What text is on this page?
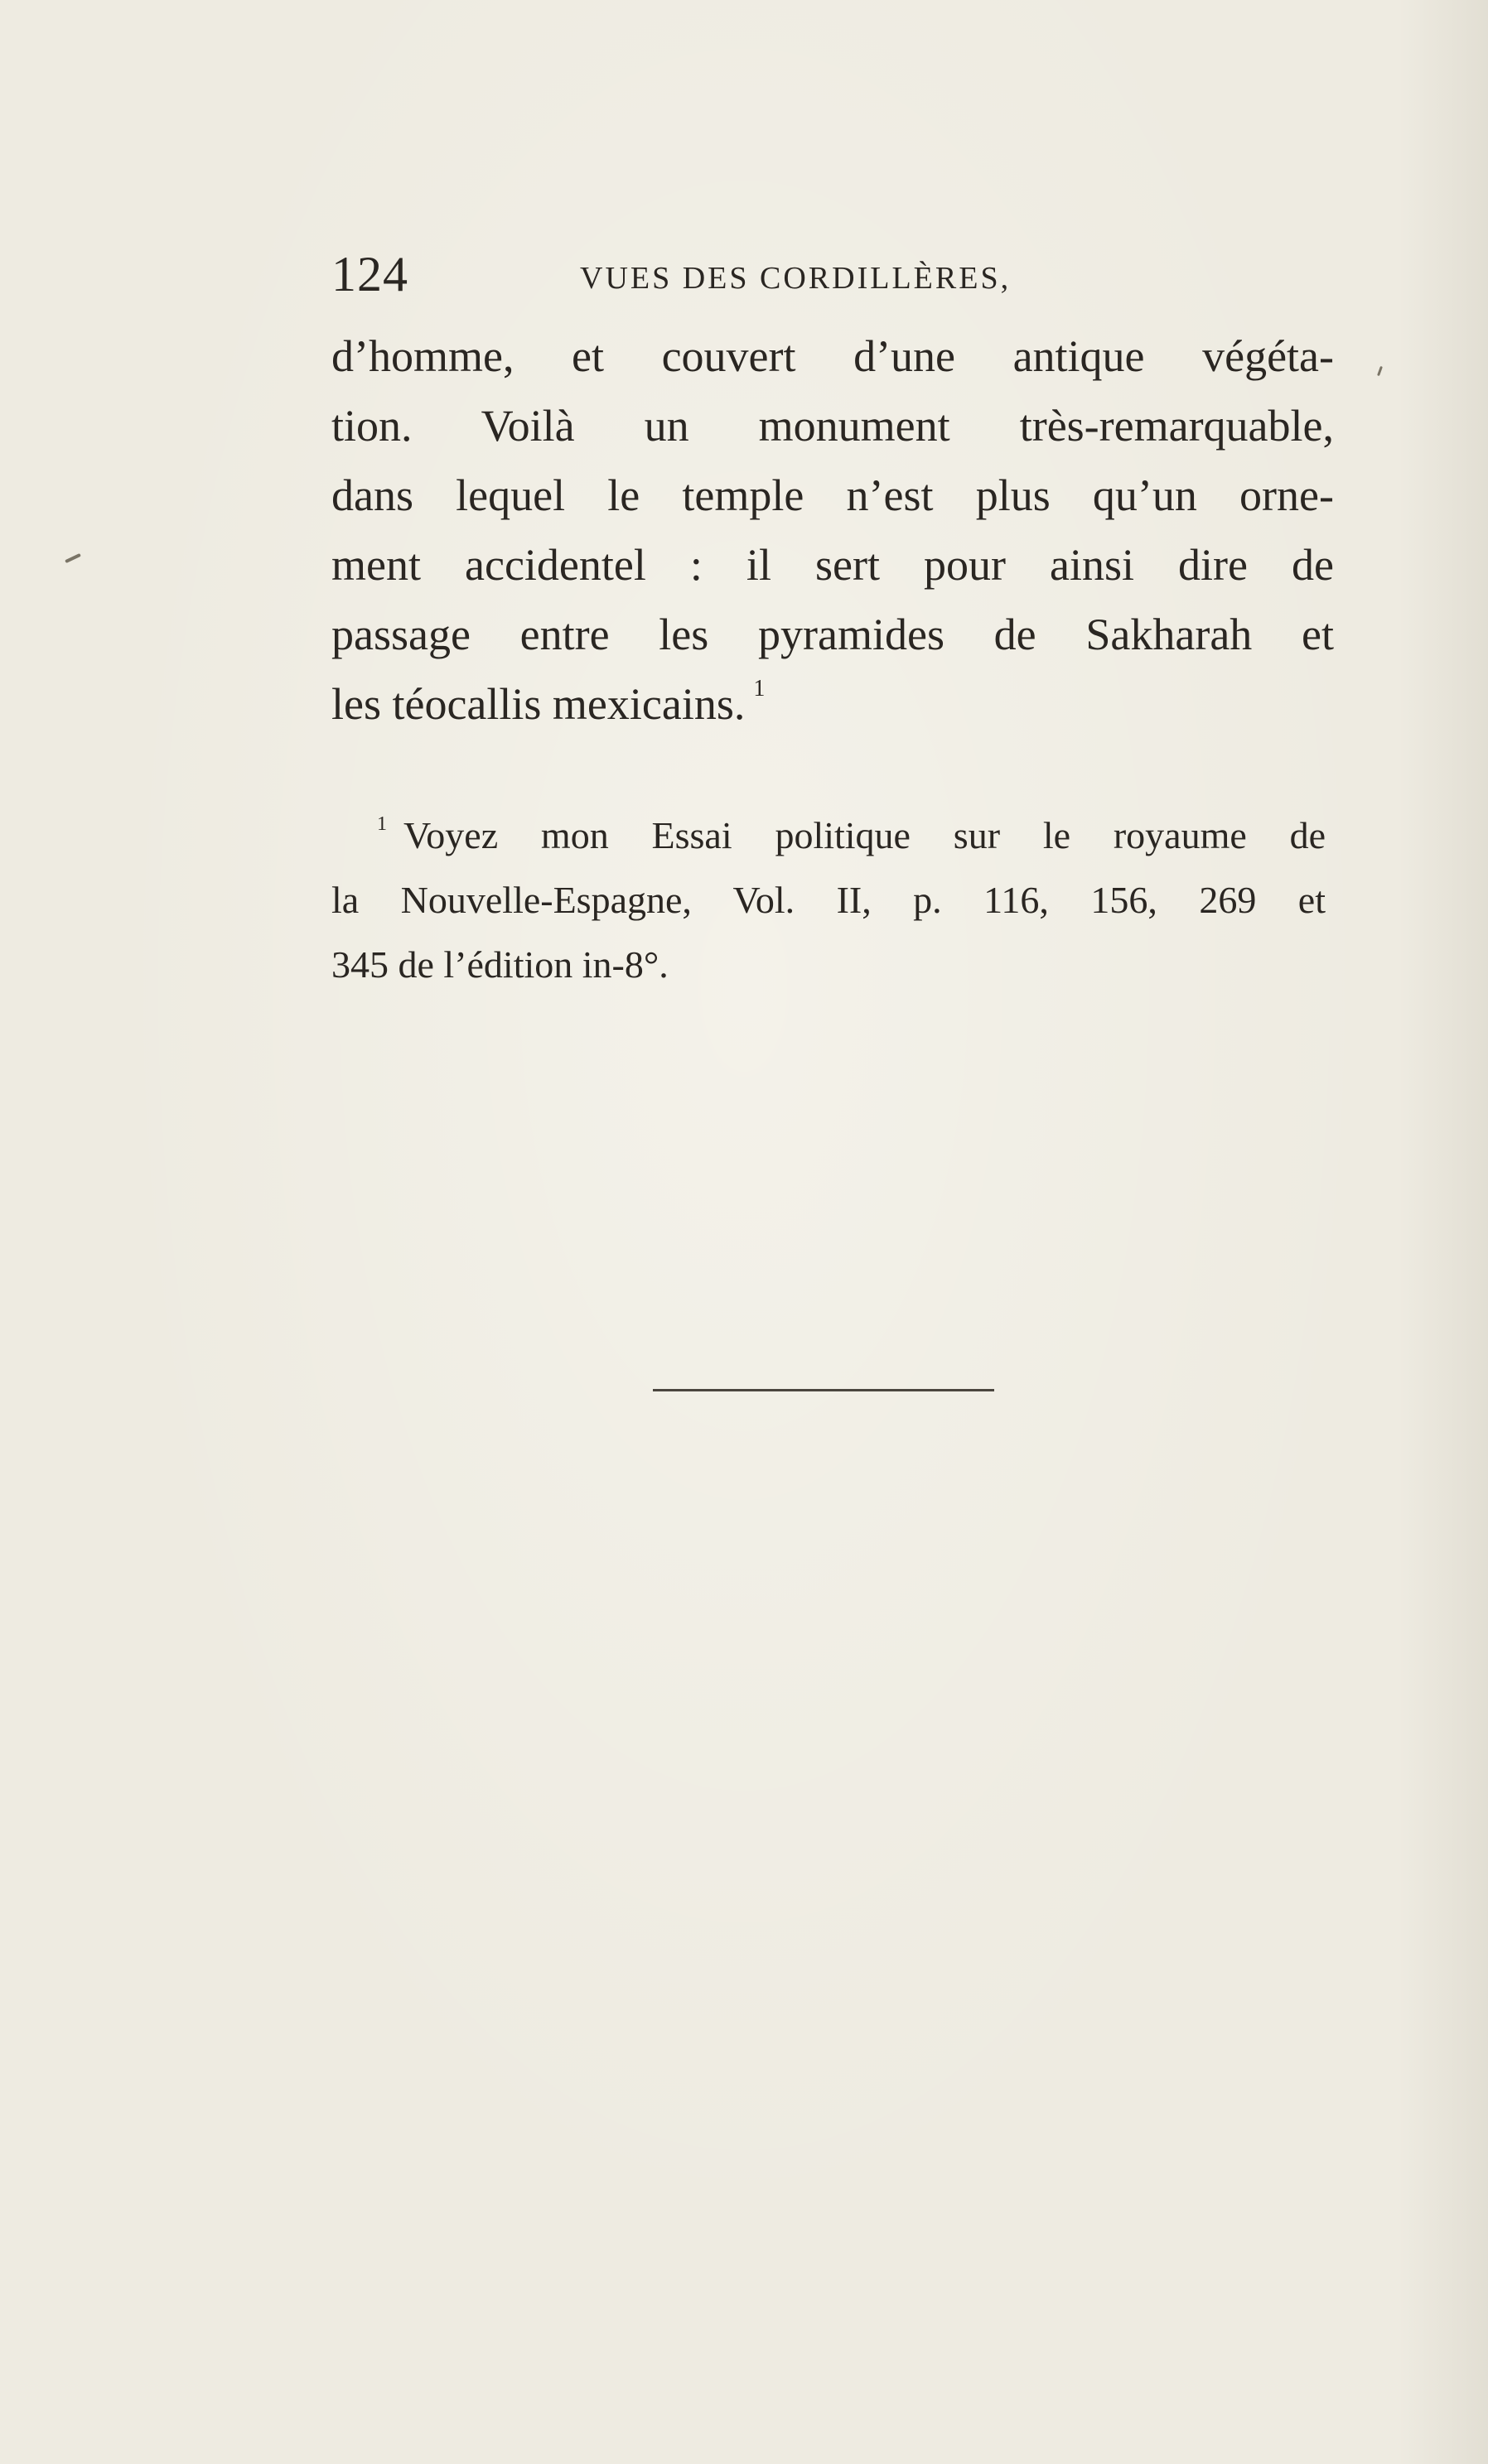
124	VUES DES CORDILLÈRES,
d’homme, et couvert d’une antique végéta-
tion. Voilà un monument très-remarquable,
dans lequel le temple n’est plus qu’un orne-
ment accidentel : il sert pour ainsi dire de
passage entre les pyramides de Sakharah et
les téocallis mexicains. $^1$
$^1$ Voyez mon Essai politique sur le royaume de
la Nouvelle-Espagne, Vol. II, p. 116, 156, 269 et
345 de l’édition in-8°.
